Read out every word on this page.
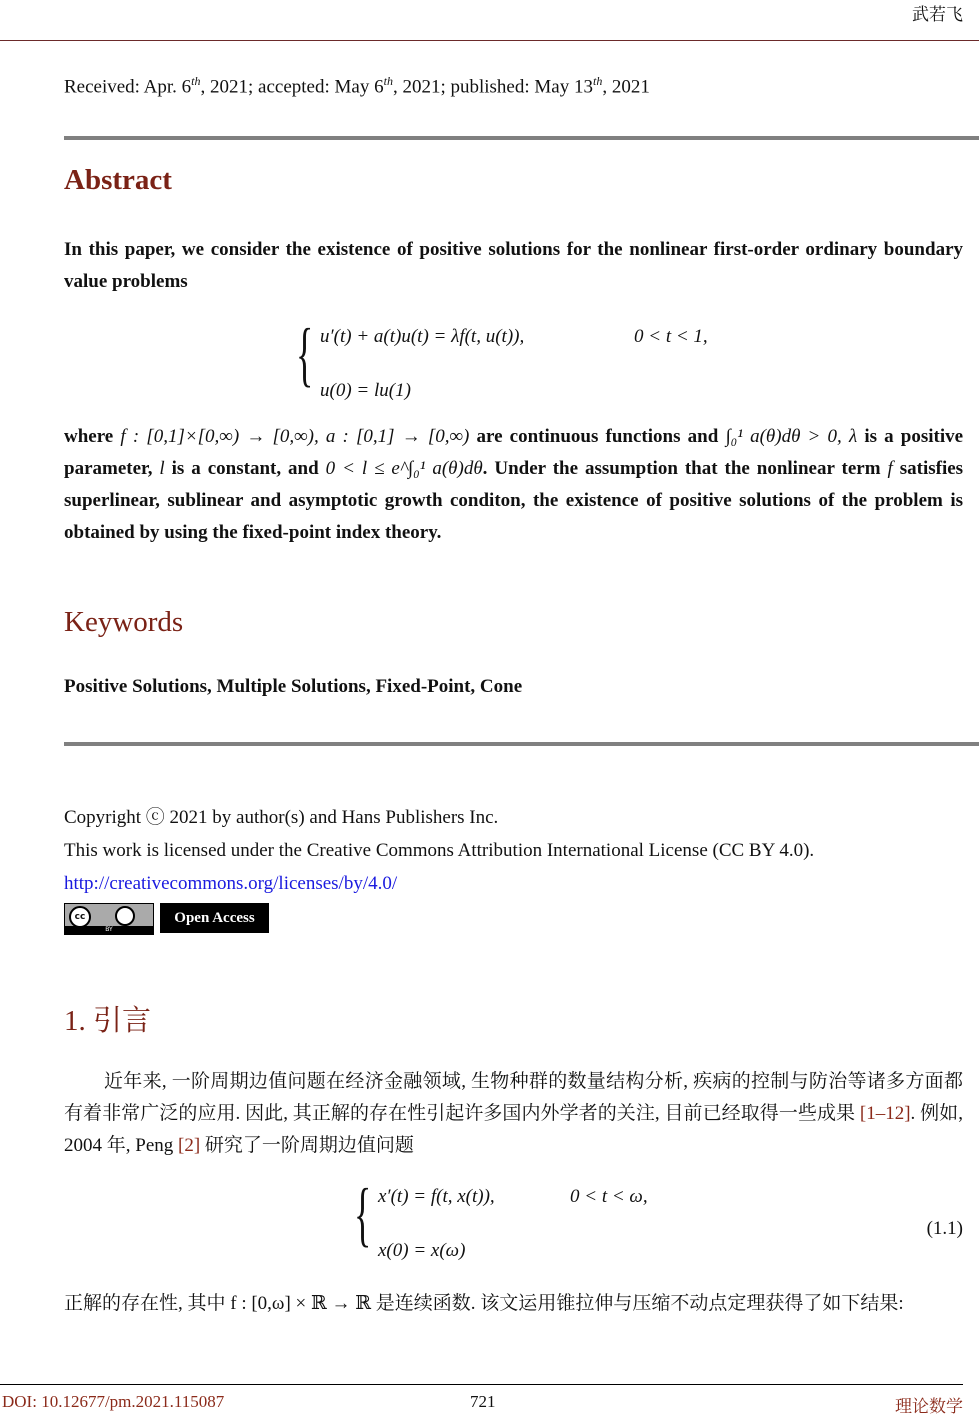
武若飞
Received: Apr. 6th, 2021; accepted: May 6th, 2021; published: May 13th, 2021
Abstract
In this paper, we consider the existence of positive solutions for the nonlinear first-order ordinary boundary value problems
{ u′(t) + a(t)u(t) = λf(t, u(t)),	0 < t < 1,
u(0) = lu(1)
where f : [0,1]×[0,∞) → [0,∞), a : [0,1] → [0,∞) are continuous functions and ∫₀¹ a(θ)dθ > 0, λ is a positive parameter, l is a constant, and 0 < l ≤ e^∫₀¹ a(θ)dθ. Under the assumption that the nonlinear term f satisfies superlinear, sublinear and asymptotic growth conditon, the existence of positive solutions of the problem is obtained by using the fixed-point index theory.
Keywords
Positive Solutions, Multiple Solutions, Fixed-Point, Cone
Copyright ⓒ 2021 by author(s) and Hans Publishers Inc.
This work is licensed under the Creative Commons Attribution International License (CC BY 4.0).
http://creativecommons.org/licenses/by/4.0/
cc
BY
Open Access
1. 引言
近年来, 一阶周期边值问题在经济金融领域, 生物种群的数量结构分析, 疾病的控制与防治等诸多方面都有着非常广泛的应用. 因此, 其正解的存在性引起许多国内外学者的关注, 目前已经取得一些成果 [1–12]. 例如, 2004 年, Peng [2] 研究了一阶周期边值问题
{ x′(t) = f(t, x(t)),	0 < t < ω,
x(0) = x(ω)
(1.1)
正解的存在性, 其中 f : [0,ω] × ℝ → ℝ 是连续函数. 该文运用锥拉伸与压缩不动点定理获得了如下结果:
DOI: 10.12677/pm.2021.115087	721	理论数学
